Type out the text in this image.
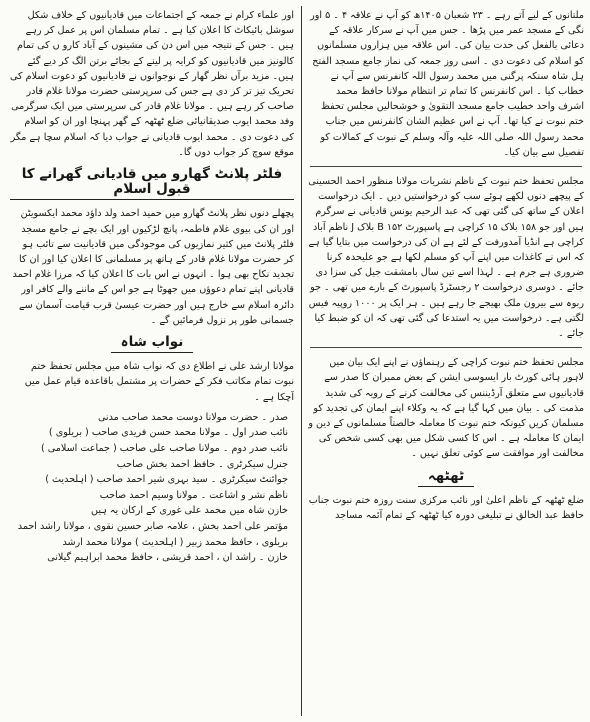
ملتانوں کے لیے آتے رہے ۔ ۲۳ شعبان ۱۴۰۵ھ کو آپ نے علاقہ ۴ ۔ ۵ اور نگی کے مسجد عمر میں پڑھا ۔ جس میں آپ نے سرکار علاقہ کے دعائی بالفعل کی حدت بیان کی۔ اس علاقہ میں ہزاروں مسلمانوں کو اسلام کی دعوت دی ۔ اسی روز جمعہ کی نماز جامع مسجد الفتح ہل شاہ سنکہ پرگنی میں محمد رسول اللہ کانفرنس سے آپ نے خطاب کیا ۔ اس کانفرنس کا تمام تر انتظام مولانا حافظ محمد اشرف واحد خطیب جامع مسجد التقویٰ و خوشحالیں مجلس تحفظ ختم نبوت نے کیا تھا۔ آپ نے اس عظیم الشان کانفرنس میں جناب محمد رسول اللہ صلی اللہ علیہ وآلہ وسلم کے نبوت کے کمالات کو تفصیل سے بیان کیا۔

مجلس تحفظ ختم نبوت کے ناظم نشریات مولانا منظور احمد الحسینی کے پیچھے دنوں لکھے ہوئے سب کو درخواستیں دیں ۔ ایک درخواست اعلان کے ساتھ کی گئی تھی کہ عبد الرحیم یونس قادیانی نے سرگرم ہیں اور جو ۱۵۸ بلاک ۱۵ کراچی ہے پاسپورٹ B ۱۵۲ بلاک J ناظم آباد کراچی ہے انڈیا آمدورفت کے لئے ہے ان کی درخواست میں بتایا گیا ہے کہ اس نے کاغذات میں اپنے آپ کو مسلم لکھا ہے جو علیحدہ کرنا ضروری ہے جرم ہے ۔ لہذا اسے تین سال بامشقت جیل کی سزا دی جائے ۔ دوسری درخواست ۲ رجسٹرڈ پاسپورٹ کے بارے میں تھی ۔ جو ربوہ سے بیرون ملک بھیجے جا رہے ہیں ۔ ہر ایک پر ۱۰۰۰ روپیہ فیس لگتی ہے۔ درخواست میں یہ استدعا کی گئی تھی کہ ان کو ضبط کیا جائے ۔

مجلس تحفظ ختم نبوت کراچی کے رہنماؤں نے اپنے ایک بیان میں لاہور ہائی کورٹ بار ایسوسی ایشن کے بعض ممبران کا صدر سے قادیانیوں سے متعلق آرڈیننس کی مخالفت کرنے کے رویہ کی شدید مذمت کی ۔ بیان میں کہا گیا ہے کہ یہ وکلاء اپنے ایمان کی تجدید کو مسلمان کریں کیونکہ ختم نبوت کا معاملہ خالصتاً مسلمانوں کے دین و ایمان کا معاملہ ہے ۔ اس کا کسی شکل میں بھی کسی شخص کی مخالفت اور موافقت سے کوئی تعلق نہیں ۔

ٹھٹھہ

ضلع ٹھٹھہ کے ناظم اعلیٰ اور نائب مرکزی سنت روزہ ختم نبوت جناب حافظ عبد الخالق نے تبلیغی دورہ کیا ٹھٹھہ کے تمام آئمہ مساجد

اور علماء کرام نے جمعہ کے اجتماعات میں قادیانیوں کے خلاف شکل سوشل بائیکاٹ کا اعلان کیا ہے ۔ تمام مسلمان اس پر عمل کر رہے ہیں ۔ جس کے نتیجہ میں اس دن کی مشینوں کے آباد کارو ں کی تمام کالونیز میں قادیانیوں کو کرایہ پر لینے کے بجائے برتن الگ کر دیے گئے ہیں۔ مزید برآں نظر گھار کے نوجوانوں نے قادیانیوں کو دعوت اسلام کی تحریک تیز تر کر دی ہے جس کی سرپرستی حضرت مولانا غلام قادر صاحب کر رہے ہیں ۔ مولانا غلام قادر کی سرپرستی میں ایک سرگرمی وفد محمد ایوب صدیقانیائی ضلع ٹھٹھہ کے گھر پہنچا اور ان کو اسلام کی دعوت دی ۔ محمد ایوب قادیانی نے جواب دیا کہ اسلام سچا ہے مگر موقع سوچ کر جواب دوں گا۔

فلٹر پلانٹ گھارو میں قادیانی گھرانے کا قبول اسلام

پچھلے دنوں نظر پلانٹ گھارو میں حمید احمد ولد داؤد محمد ایکسویٹن اور ان کی بیوی غلام فاطمہ، پانچ لڑکیوں اور ایک بچے نے جامع مسجد فلٹر پلانٹ میں کثیر نمازیوں کی موجودگی میں قادیانیت سے تائب ہو کر حضرت مولانا غلام قادر کے ہاتھ پر مسلمانی کا اعلان کیا اور ان کا تجدید نکاح بھی ہوا ۔ انہوں نے اس بات کا اعلان کیا کہ مرزا غلام احمد قادیانی اپنے تمام دعوؤں میں جھوٹا ہے جو اس کے ماننے والے کافر اور دائرہ اسلام سے خارج ہیں اور حضرت عیسیٰ قرب قیامت آسمان سے جسمانی طور پر نزول فرمائیں گے ۔

نواب شاہ

مولانا ارشد علی نے اطلاع دی کہ نواب شاہ میں مجلس تحفظ ختم نبوت تمام مکاتب فکر کے حضرات پر مشتمل باقاعدہ قیام عمل میں آچکا ہے ۔

صدر ۔ حضرت مولانا دوست محمد صاحب مدنی
نائب صدر اول ۔ مولانا محمد حسن فریدی صاحب ( بریلوی )
نائب صدر دوم ۔ مولانا صاحب علی صاحب ( جماعت اسلامی )
جنرل سیکرٹری ۔ حافظ احمد بخش صاحب
جوائنٹ سیکرٹری ۔ سید بہری شیر احمد صاحب ( اہلحدیث )
ناظم نشر و اشاعت ۔ مولانا وسیم احمد صاحب
خازن شاہ میں محمد علی غوری کے ارکان یہ ہیں
مؤتمر علی احمد بخش ، علامہ صابر حسین نقوی ، مولانا راشد احمد بریلوی ، حافظ محمد زبیر ( اہلحدیث ) مولانا محمد ارشد
خازن ۔ راشد ان ، احمد قریشی ، حافظ محمد ابراہیم گیلانی
